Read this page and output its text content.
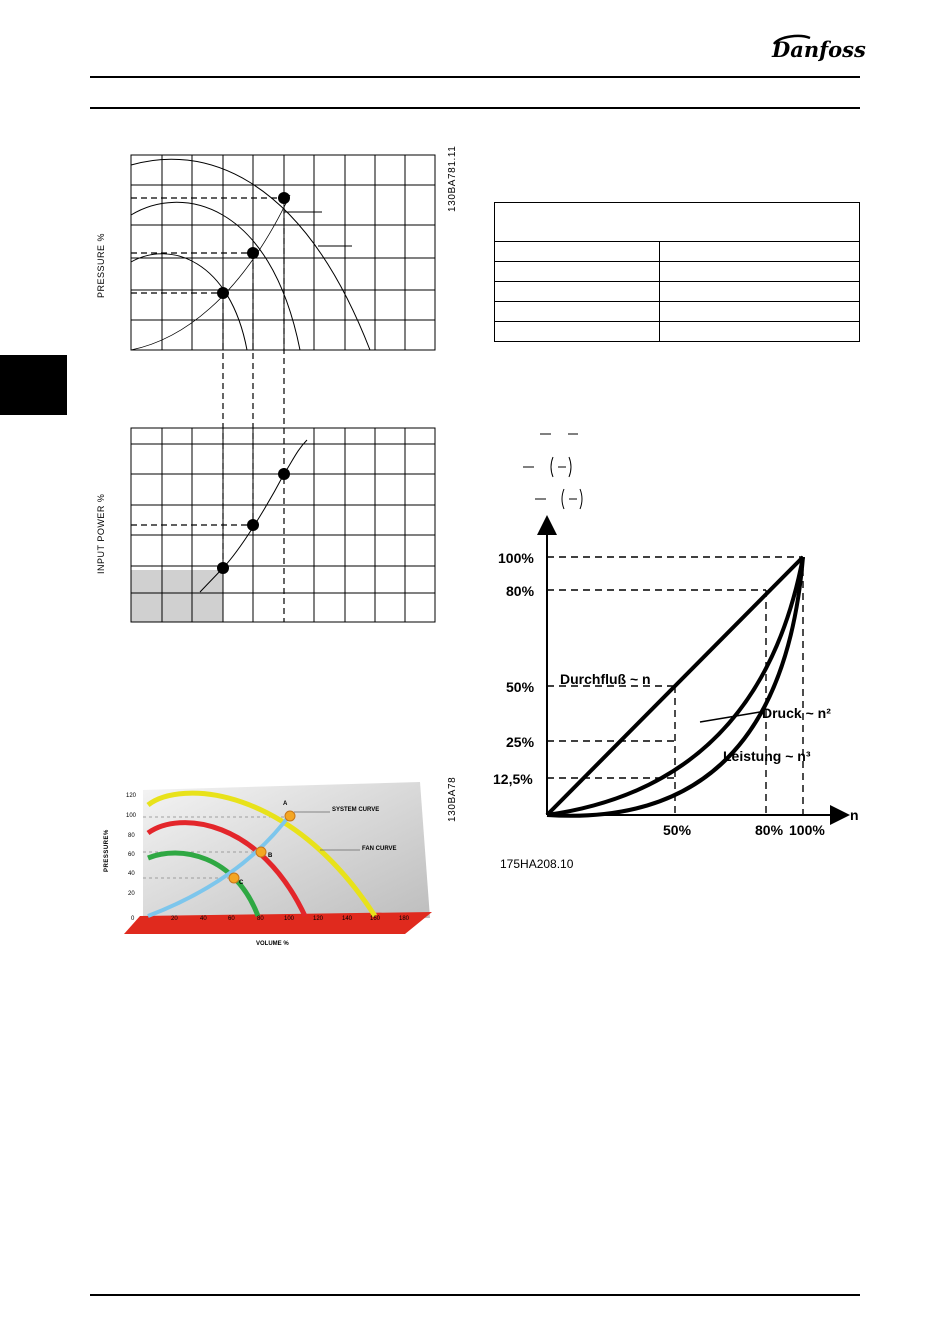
Danfoss
PRESSURE %
INPUT POWER %
130BA781.11

100%
80%
50%
25%
12,5%
50%	80% 100%
n
Durchfluß ~ n
Druck ~ n²
Leistung ~ n³
175HA208.10
130BA78
A
B
C
SYSTEM CURVE
FAN CURVE
VOLUME %
PRESSURE%
120
100
80
60
40
20
0	20	40	60	80	100	120	140	160	180
